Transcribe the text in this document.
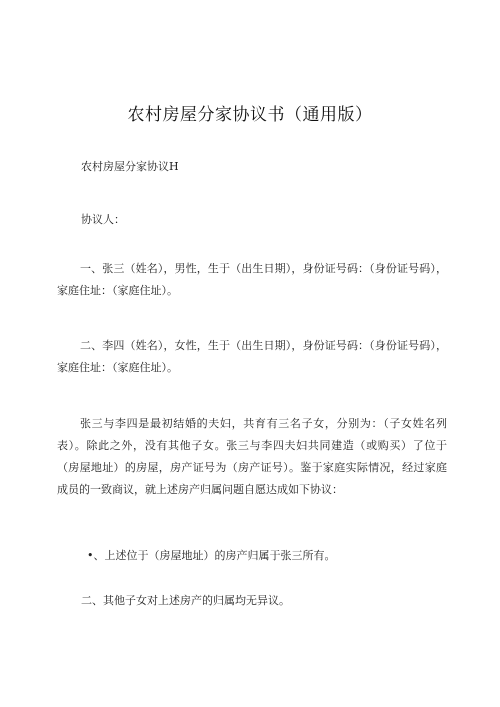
农村房屋分家协议书（通用版）
农村房屋分家协议H
协议人：
一、张三（姓名），男性，生于（出生日期），身份证号码：（身份证号码），家庭住址：（家庭住址）。
二、李四（姓名），女性，生于（出生日期），身份证号码：（身份证号码），家庭住址：（家庭住址）。
张三与李四是最初结婚的夫妇，共育有三名子女，分别为：（子女姓名列表）。除此之外，没有其他子女。张三与李四夫妇共同建造（或购买）了位于（房屋地址）的房屋，房产证号为（房产证号）。鉴于家庭实际情况，经过家庭成员的一致商议，就上述房产归属问题自愿达成如下协议：
•、上述位于（房屋地址）的房产归属于张三所有。
二、其他子女对上述房产的归属均无异议。
